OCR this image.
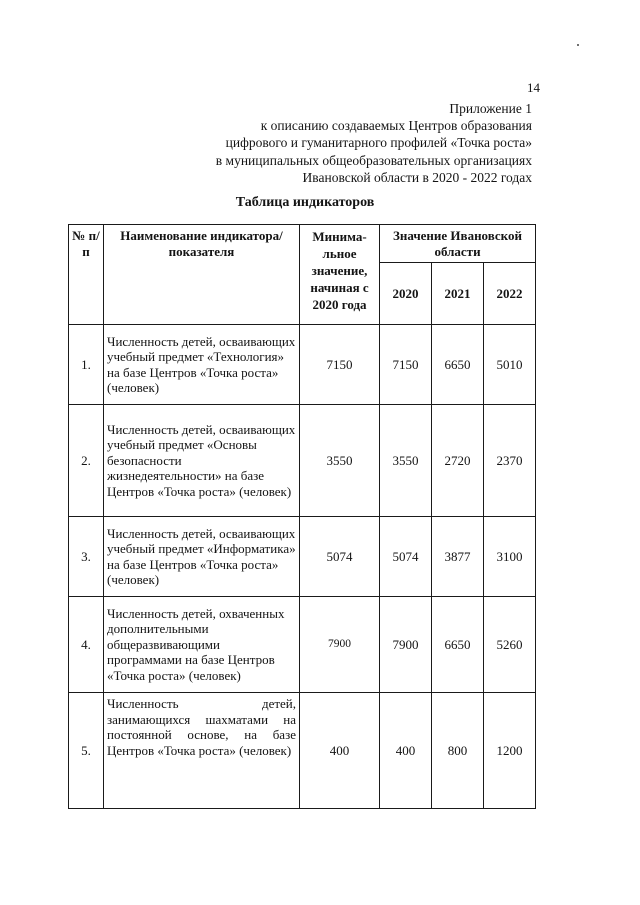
14
Приложение 1
к описанию создаваемых Центров образования
цифрового и гуманитарного профилей «Точка роста»
в муниципальных общеобразовательных организациях
Ивановской области в 2020 - 2022 годах
Таблица индикаторов
№ п/п	Наименование индикатора/показателя	Минима-льное значение, начиная с 2020 года	Значение Ивановской области		
			2020	2021	2022
1.	Численность детей, осваивающих учебный предмет «Технология» на базе Центров «Точка роста» (человек)	7150	7150	6650	5010
2.	Численность детей, осваивающих учебный предмет «Основы безопасности жизнедеятельности» на базе Центров «Точка роста» (человек)	3550	3550	2720	2370
3.	Численность детей, осваивающих учебный предмет «Информатика» на базе Центров «Точка роста» (человек)	5074	5074	3877	3100
4.	Численность детей, охваченных дополнительными общеразвивающими программами на базе Центров «Точка роста» (человек)	7900	7900	6650	5260
5.	Численность детей, занимающихся шахматами на постоянной основе, на базе Центров «Точка роста» (человек)	400	400	800	1200
